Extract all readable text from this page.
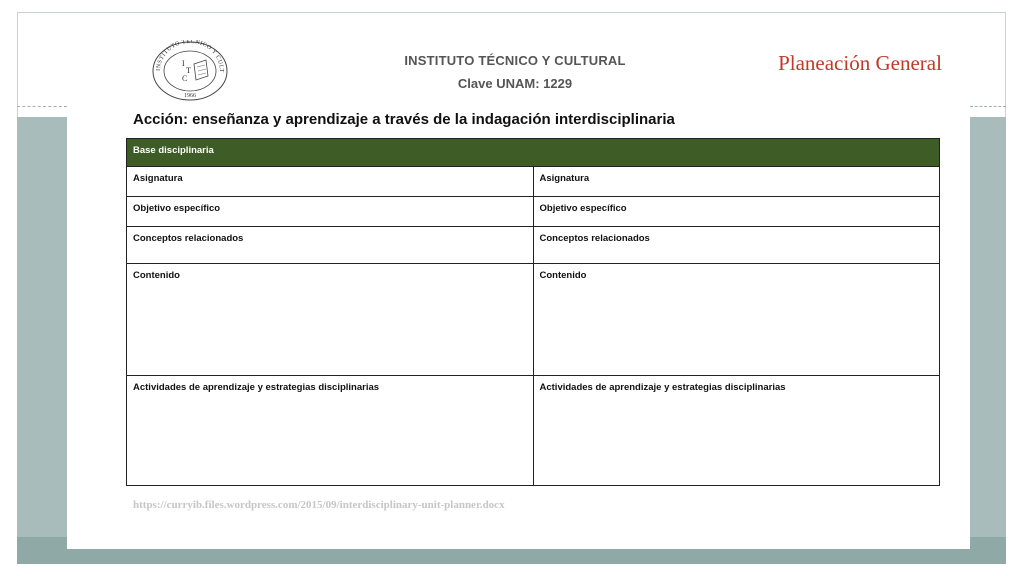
INSTITUTO TÉCNICO Y CULT
1966
I
T
C
INSTITUTO TÉCNICO Y CULTURAL
Clave UNAM: 1229
Planeación General
Acción: enseñanza y aprendizaje a través de la indagación interdisciplinaria
Base disciplinaria	
Asignatura	Asignatura
Objetivo específico	Objetivo específico
Conceptos relacionados	Conceptos relacionados
Contenido	Contenido
Actividades de aprendizaje y estrategias disciplinarias	Actividades de aprendizaje y estrategias disciplinarias
https://curryib.files.wordpress.com/2015/09/interdisciplinary-unit-planner.docx
